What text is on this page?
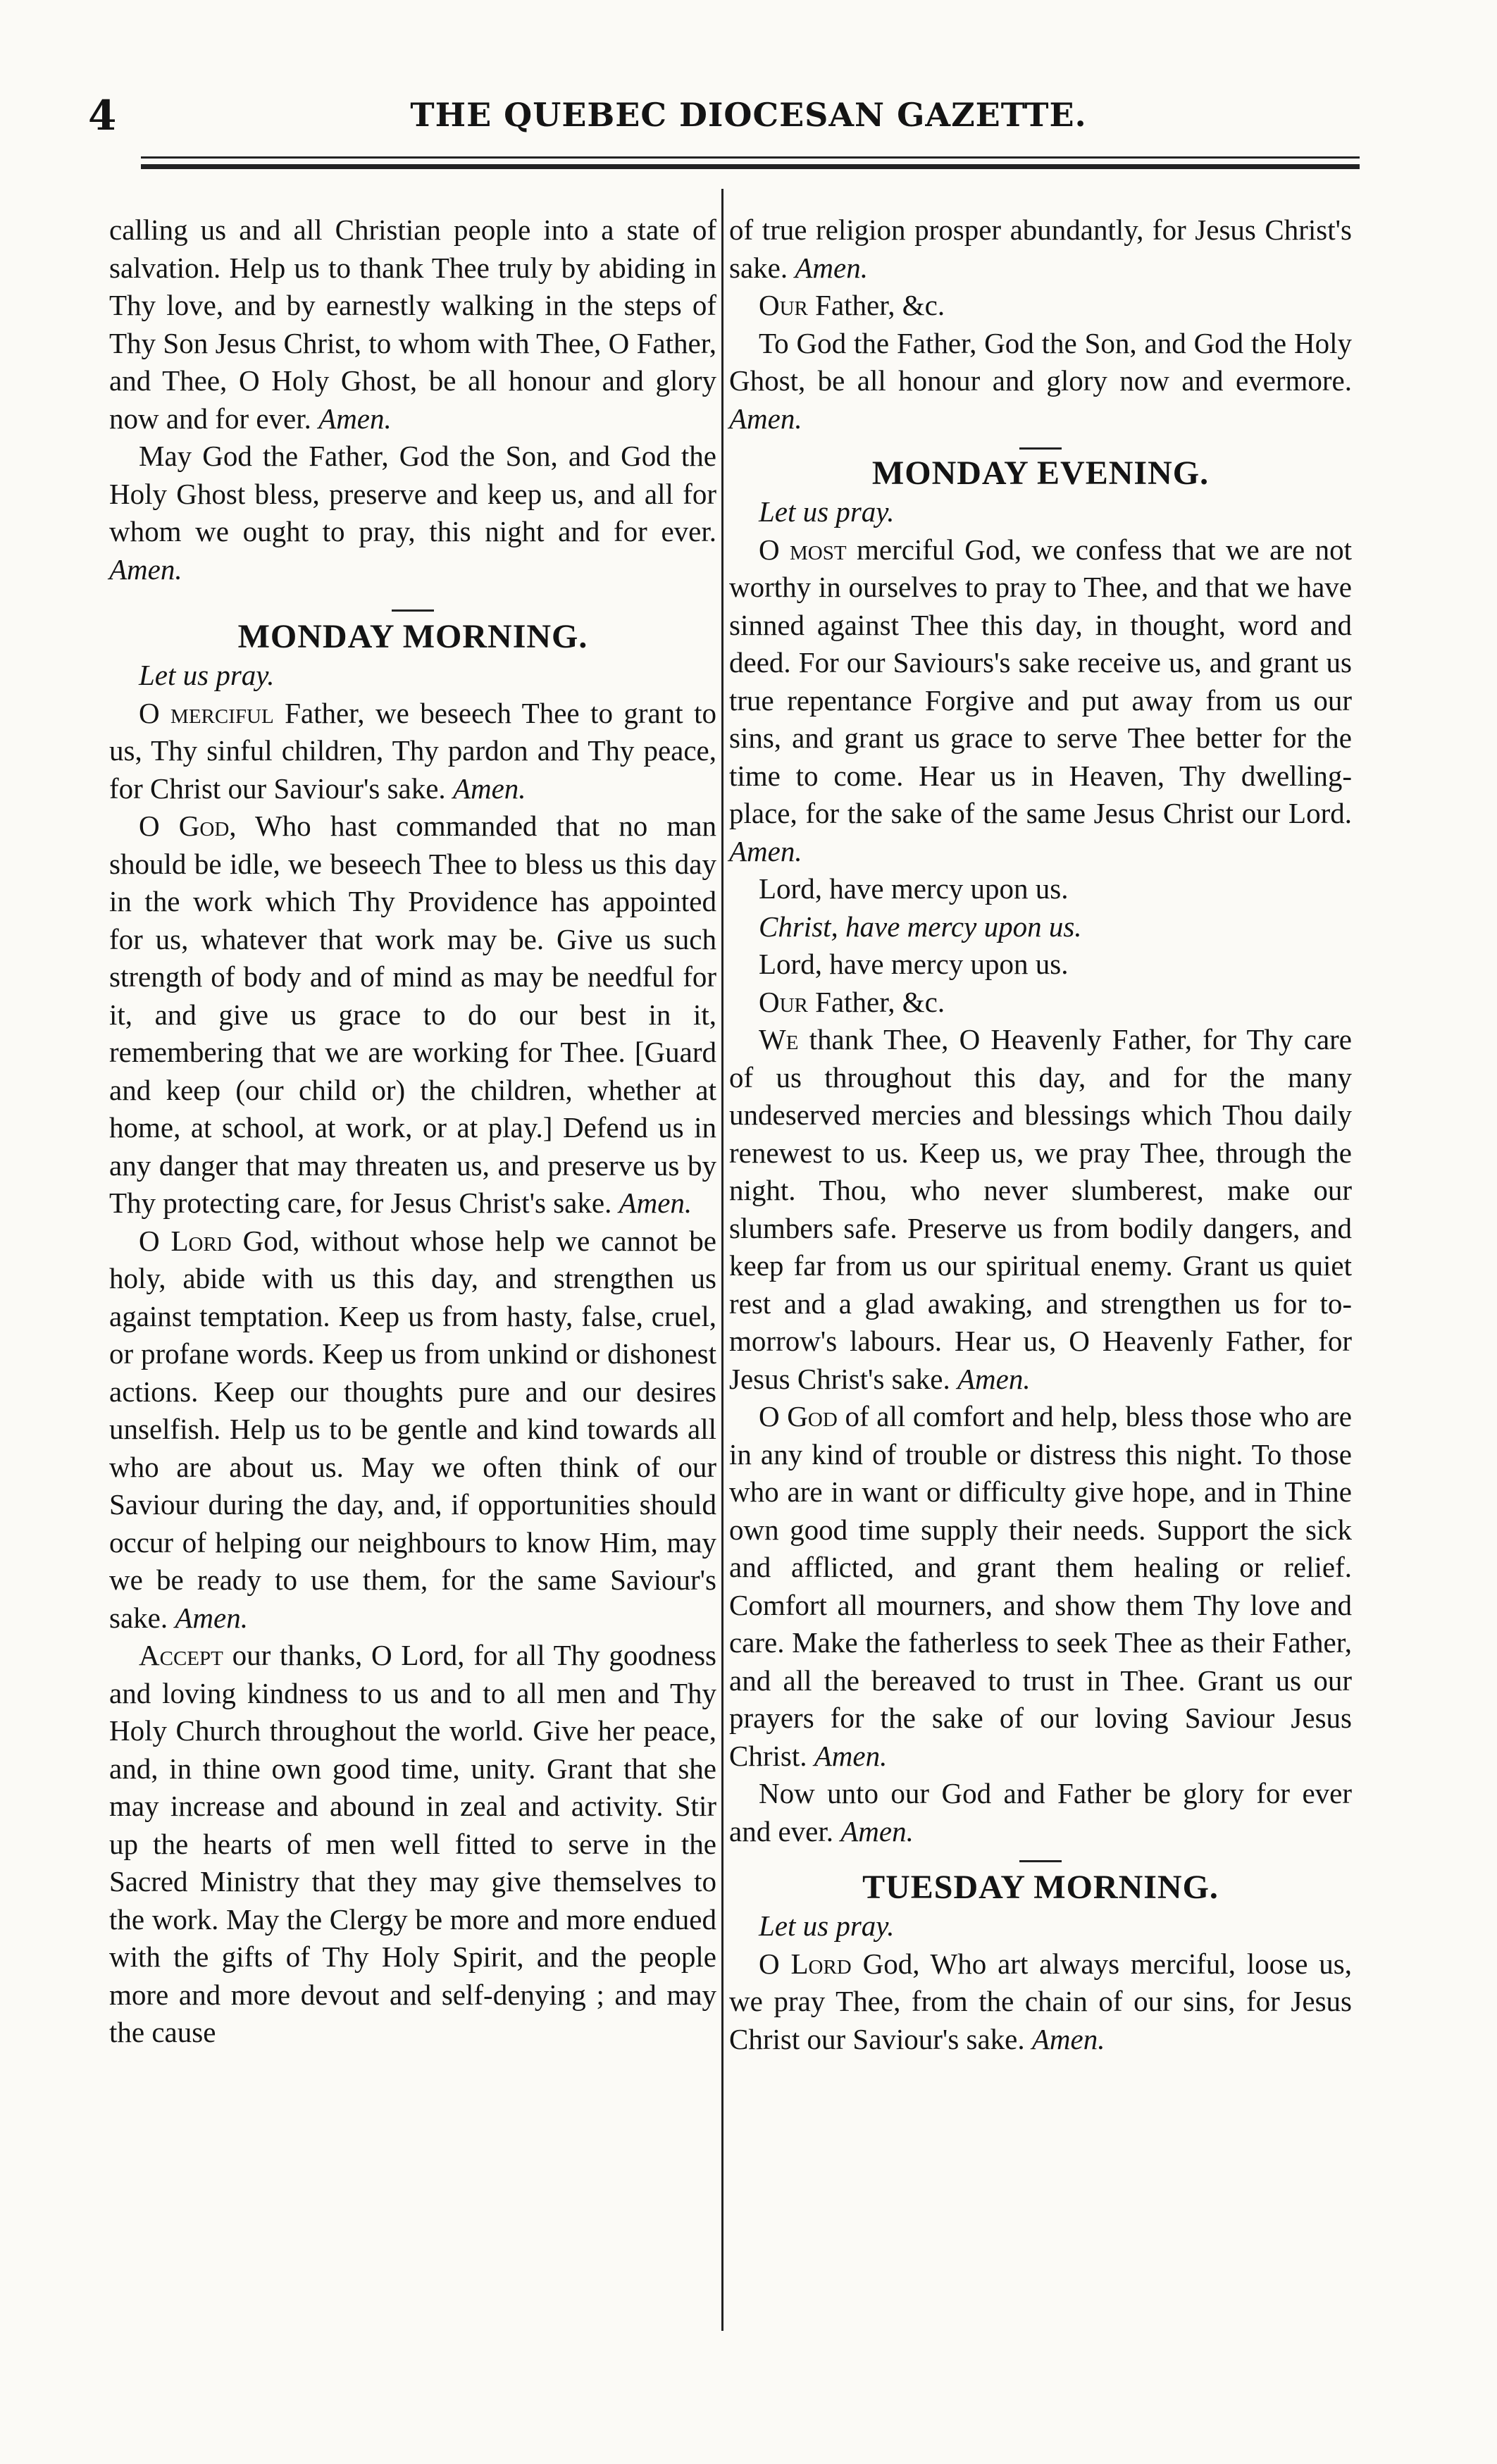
4	THE QUEBEC DIOCESAN GAZETTE.

calling us and all Christian people into a state of salvation. Help us to thank Thee truly by abiding in Thy love, and by earnestly walking in the steps of Thy Son Jesus Christ, to whom with Thee, O Father, and Thee, O Holy Ghost, be all honour and glory now and for ever. Amen.

May God the Father, God the Son, and God the Holy Ghost bless, preserve and keep us, and all for whom we ought to pray, this night and for ever. Amen.

MONDAY MORNING.

Let us pray.

O merciful Father, we beseech Thee to grant to us, Thy sinful children, Thy pardon and Thy peace, for Christ our Saviour's sake. Amen.

O God, Who hast commanded that no man should be idle, we beseech Thee to bless us this day in the work which Thy Providence has appointed for us, whatever that work may be. Give us such strength of body and of mind as may be needful for it, and give us grace to do our best in it, remembering that we are working for Thee. [Guard and keep (our child or) the children, whether at home, at school, at work, or at play.] Defend us in any danger that may threaten us, and preserve us by Thy protecting care, for Jesus Christ's sake. Amen.

O Lord God, without whose help we cannot be holy, abide with us this day, and strengthen us against temptation. Keep us from hasty, false, cruel, or profane words. Keep us from unkind or dishonest actions. Keep our thoughts pure and our desires unselfish. Help us to be gentle and kind towards all who are about us. May we often think of our Saviour during the day, and, if opportunities should occur of helping our neighbours to know Him, may we be ready to use them, for the same Saviour's sake. Amen.

Accept our thanks, O Lord, for all Thy goodness and loving kindness to us and to all men and Thy Holy Church throughout the world. Give her peace, and, in thine own good time, unity. Grant that she may increase and abound in zeal and activity. Stir up the hearts of men well fitted to serve in the Sacred Ministry that they may give themselves to the work. May the Clergy be more and more endued with the gifts of Thy Holy Spirit, and the people more and more devout and self-denying ; and may the cause

of true religion prosper abundantly, for Jesus Christ's sake. Amen.

Our Father, &c.

To God the Father, God the Son, and God the Holy Ghost, be all honour and glory now and evermore. Amen.

MONDAY EVENING.

Let us pray.

O most merciful God, we confess that we are not worthy in ourselves to pray to Thee, and that we have sinned against Thee this day, in thought, word and deed. For our Saviours's sake receive us, and grant us true repentance Forgive and put away from us our sins, and grant us grace to serve Thee better for the time to come. Hear us in Heaven, Thy dwelling-place, for the sake of the same Jesus Christ our Lord. Amen.

Lord, have mercy upon us.

Christ, have mercy upon us.

Lord, have mercy upon us.

Our Father, &c.

We thank Thee, O Heavenly Father, for Thy care of us throughout this day, and for the many undeserved mercies and blessings which Thou daily renewest to us. Keep us, we pray Thee, through the night. Thou, who never slumberest, make our slumbers safe. Preserve us from bodily dangers, and keep far from us our spiritual enemy. Grant us quiet rest and a glad awaking, and strengthen us for to-morrow's labours. Hear us, O Heavenly Father, for Jesus Christ's sake. Amen.

O God of all comfort and help, bless those who are in any kind of trouble or distress this night. To those who are in want or difficulty give hope, and in Thine own good time supply their needs. Support the sick and afflicted, and grant them healing or relief. Comfort all mourners, and show them Thy love and care. Make the fatherless to seek Thee as their Father, and all the bereaved to trust in Thee. Grant us our prayers for the sake of our loving Saviour Jesus Christ. Amen.

Now unto our God and Father be glory for ever and ever. Amen.

TUESDAY MORNING.

Let us pray.

O Lord God, Who art always merciful, loose us, we pray Thee, from the chain of our sins, for Jesus Christ our Saviour's sake. Amen.
